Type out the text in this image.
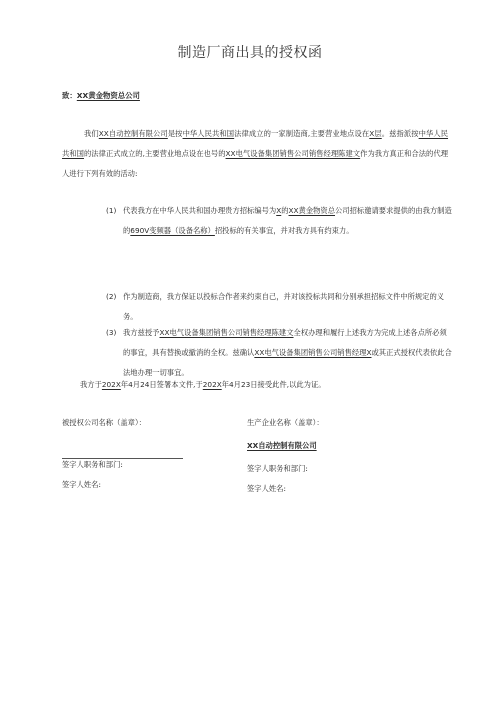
制造厂商出具的授权函
致：XX黄金物资总公司
我们XX自动控制有限公司是按中华人民共和国法律成立的一家制造商,主要营业地点设在X层。兹指派按中华人民共和国的法律正式成立的,主要营业地点设在也号的XX电气设备集团销售公司销售经理陈建文作为我方真正和合法的代理人进行下列有效的活动:
(1) 代表我方在中华人民共和国办理贵方招标编号为X的XX黄金物资总公司招标邀请要求提供的由我方制造的690V变频器（设备名称）招投标的有关事宜，并对我方具有约束力。
(2) 作为制造商，我方保证以投标合作者来约束自己，并对该投标共同和分别承担招标文件中所规定的义务。
(3) 我方兹授予XX电气设备集团销售公司销售经理陈建文全权办理和履行上述我方为完成上述各点所必须的事宜，具有替换或撤消的全权。兹确认XX电气设备集团销售公司销售经理X或其正式授权代表依此合法地办理一切事宜。
我方于202X年4月24日签署本文件,于202X年4月23日接受此件,以此为证。
被授权公司名称（盖章）：
签字人职务和部门:
签字人姓名:
生产企业名称（盖章）：
XX自动控制有限公司
签字人职务和部门:
签字人姓名:
